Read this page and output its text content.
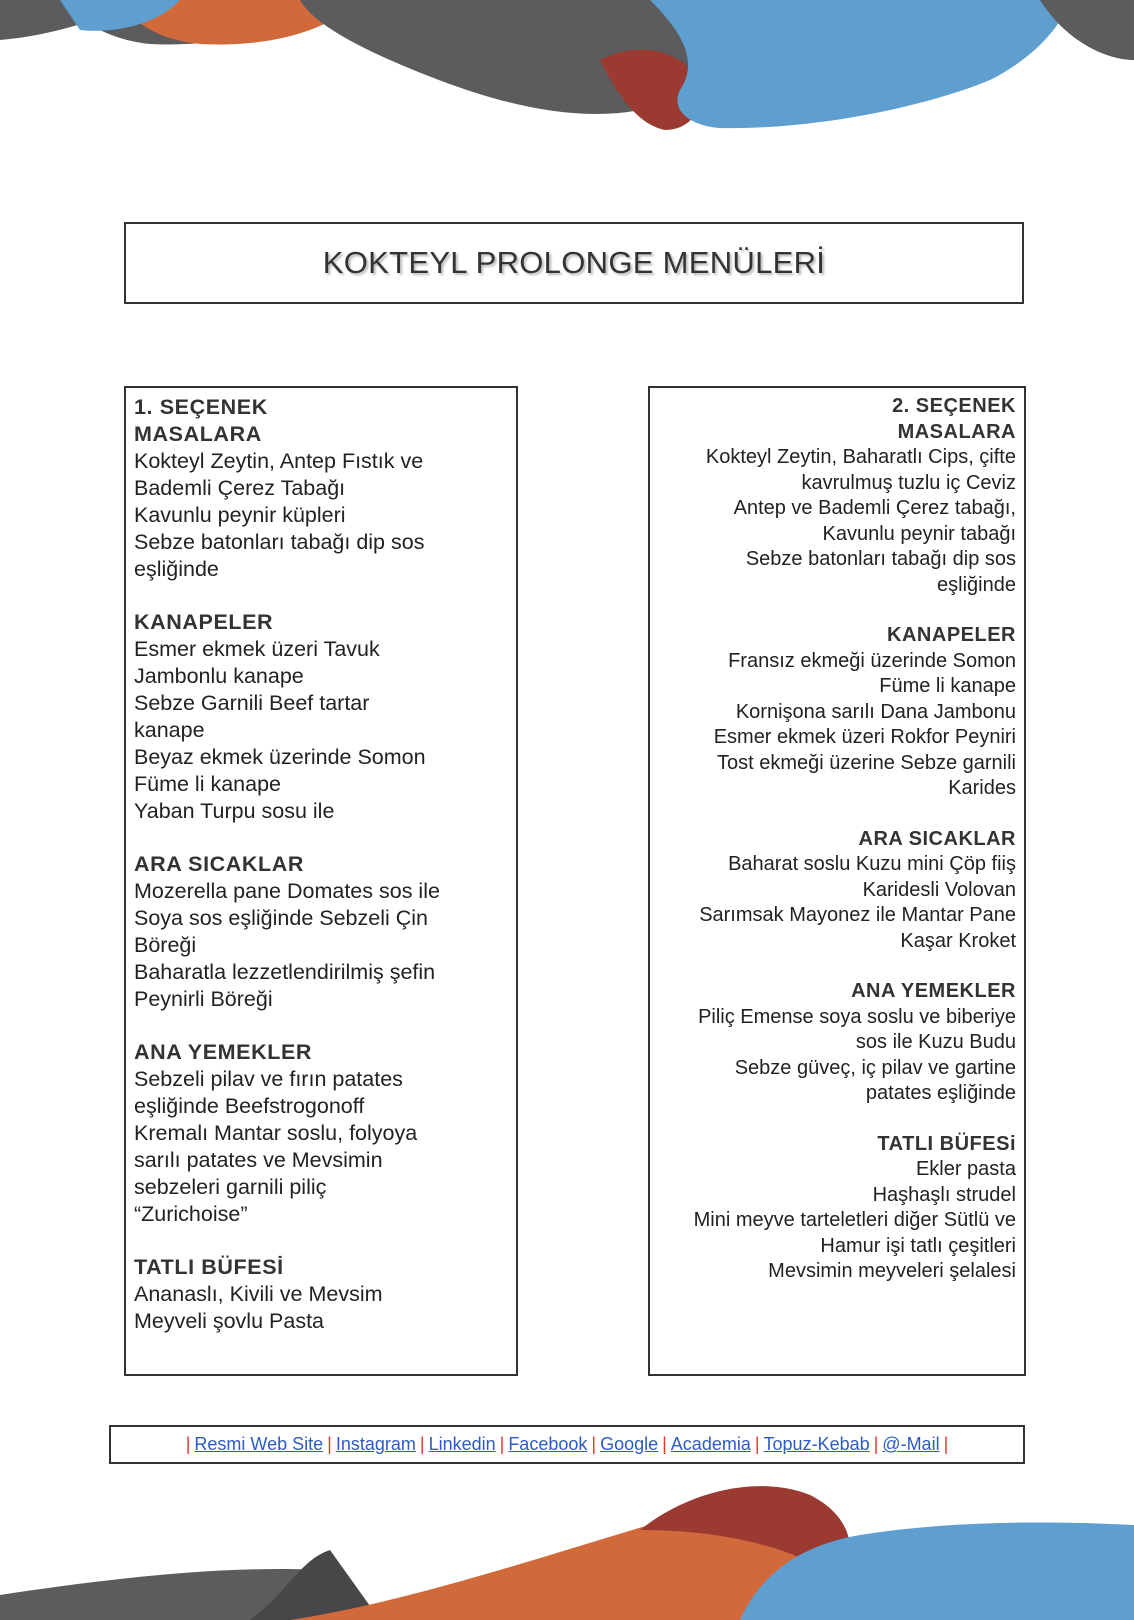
KOKTEYL PROLONGE MENÜLERİ
1. SEÇENEK
MASALARA
Kokteyl Zeytin, Antep Fıstık ve
Bademli Çerez Tabağı
Kavunlu peynir küpleri
Sebze batonları tabağı dip sos
eşliğinde
KANAPELER
Esmer ekmek üzeri Tavuk
Jambonlu kanape
Sebze Garnili Beef tartar
kanape
Beyaz ekmek üzerinde Somon
Füme li kanape
Yaban Turpu sosu ile
ARA SICAKLAR
Mozerella pane Domates sos ile
Soya sos eşliğinde Sebzeli Çin
Böreği
Baharatla lezzetlendirilmiş şefin
Peynirli Böreği
ANA YEMEKLER
Sebzeli pilav ve fırın patates
eşliğinde Beefstrogonoff
Kremalı Mantar soslu, folyoya
sarılı patates ve Mevsimin
sebzeleri garnili piliç
“Zurichoise”
TATLI BÜFESİ
Ananaslı, Kivili ve Mevsim
Meyveli şovlu Pasta
2. SEÇENEK
MASALARA
Kokteyl Zeytin, Baharatlı Cips, çifte
kavrulmuş tuzlu iç Ceviz
Antep ve Bademli Çerez tabağı,
Kavunlu peynir tabağı
Sebze batonları tabağı dip sos
eşliğinde
KANAPELER
Fransız ekmeği üzerinde Somon
Füme li kanape
Kornişona sarılı Dana Jambonu
Esmer ekmek üzeri Rokfor Peyniri
Tost ekmeği üzerine Sebze garnili
Karides
ARA SICAKLAR
Baharat soslu Kuzu mini Çöp fiiş
Karidesli Volovan
Sarımsak Mayonez ile Mantar Pane
Kaşar Kroket
ANA YEMEKLER
Piliç Emense soya soslu ve biberiye
sos ile Kuzu Budu
Sebze güveç, iç pilav ve gartine
patates eşliğinde
TATLI BÜFESi
Ekler pasta
Haşhaşlı strudel
Mini meyve tarteletleri diğer Sütlü ve
Hamur işi tatlı çeşitleri
Mevsimin meyveleri şelalesi
| Resmi Web Site | Instagram | Linkedin | Facebook | Google | Academia | Topuz-Kebab | @-Mail |
